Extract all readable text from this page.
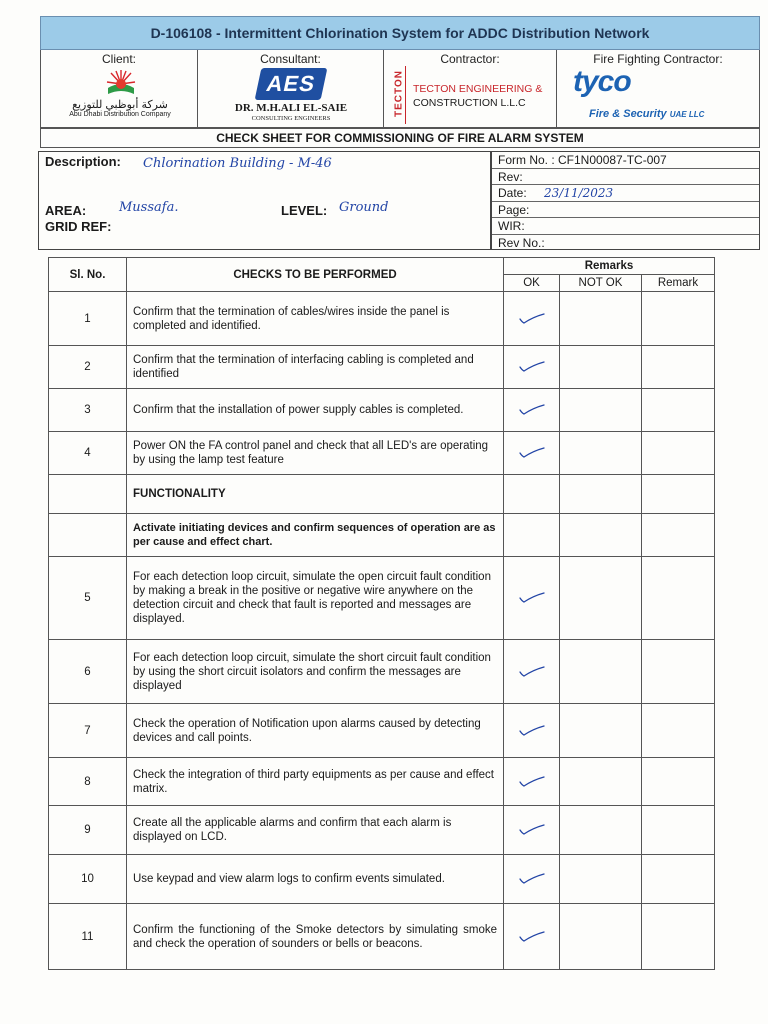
D-106108 - Intermittent Chlorination System for ADDC Distribution Network
Client:
شركة أبوظبي للتوزيع
Abu Dhabi Distribution Company
Consultant:
AES
DR. M.H.ALI EL-SAIE
CONSULTING ENGINEERS
Contractor:
TECTON TECTON ENGINEERING &
CONSTRUCTION L.L.C
Fire Fighting Contractor:
tyco
Fire & Security UAE LLC
CHECK SHEET FOR COMMISSIONING OF FIRE ALARM SYSTEM
Description: Chlorination Building - M-46
AREA:	Mussafa.	LEVEL: Ground
GRID REF:
Form No. : CF1N00087-TC-007
Rev:
Date: 23/11/2023
Page:
WIR:
Rev No.:
Sl. No.	CHECKS TO BE PERFORMED	Remarks		
		OK	NOT OK	Remark
1	Confirm that the termination of cables/wires inside the panel is completed and identified.	

2	Confirm that the termination of interfacing cabling is completed and identified	

3	Confirm that the installation of power supply cables is completed.	

4	Power ON the FA control panel and check that all LED's are operating by using the lamp test feature	

	FUNCTIONALITY			
	Activate initiating devices and confirm sequences of operation are as per cause and effect chart.			
5	For each detection loop circuit, simulate the open circuit fault condition by making a break in the positive or negative wire anywhere on the detection circuit and check that fault is reported and messages are displayed.	

6	For each detection loop circuit, simulate the short circuit fault condition by using the short circuit isolators and confirm the messages are displayed	

7	Check the operation of Notification upon alarms caused by detecting devices and call points.	

8	Check the integration of third party equipments as per cause and effect matrix.	

9	Create all the applicable alarms and confirm that each alarm is displayed on LCD.	

10	Use keypad and view alarm logs to confirm events simulated.	

11	Confirm the functioning of the Smoke detectors by simulating smoke and check the operation of sounders or bells or beacons.	
